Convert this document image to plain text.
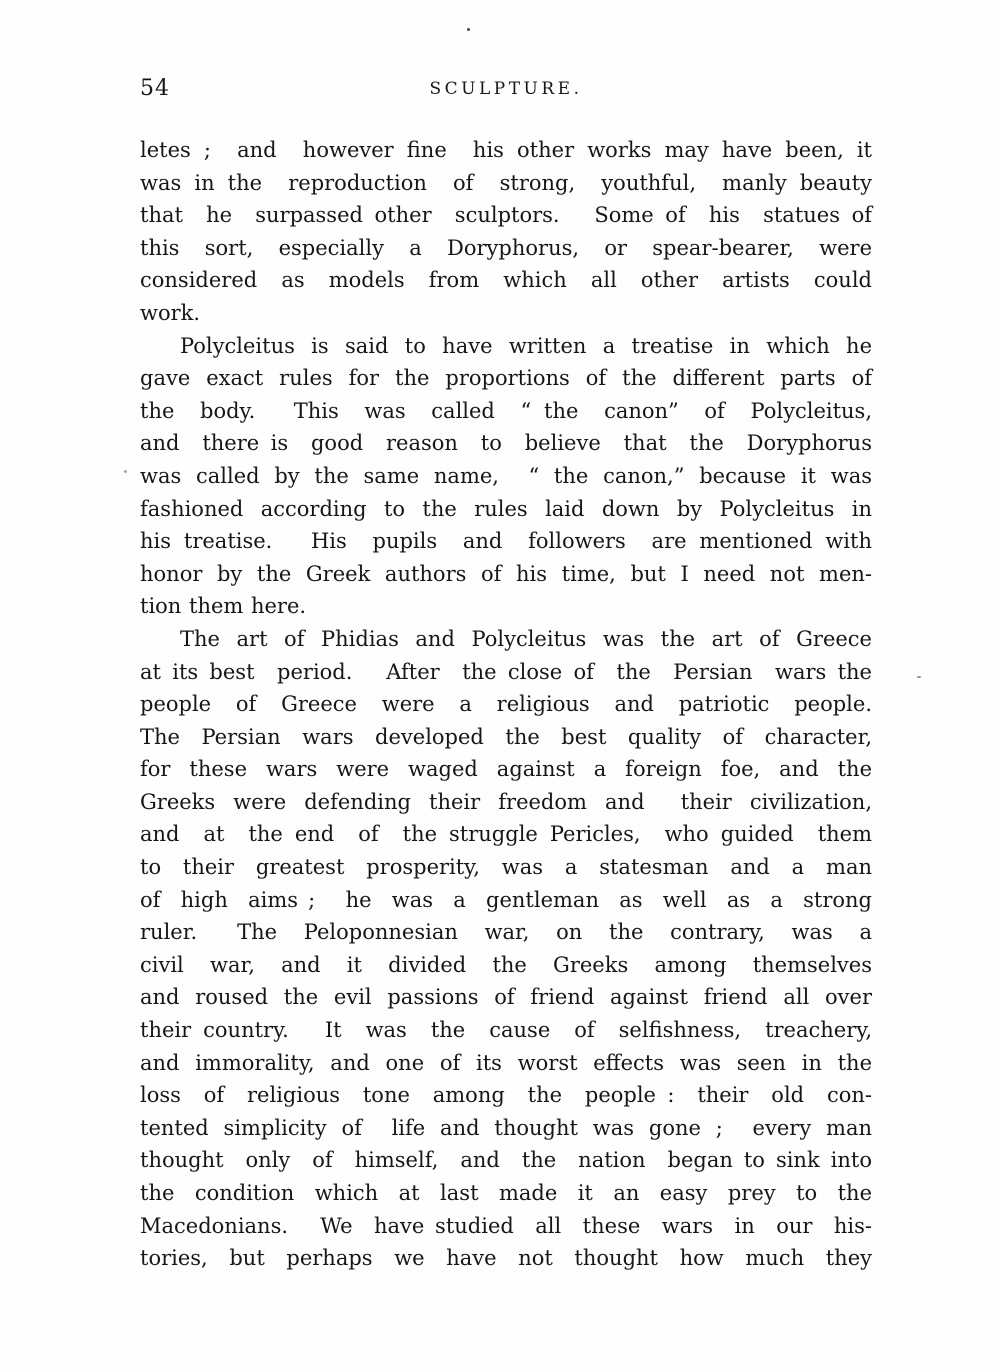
54	SCULPTURE.
letes ;  and  however fine  his other works may have been, it
was in the  reproduction  of  strong,  youthful,  manly beauty
that  he  surpassed other  sculptors.   Some of  his  statues of
this  sort,  especially  a  Doryphorus,  or  spear-bearer,  were
considered  as  models  from  which  all  other  artists  could
work.
Polycleitus is said to have written a treatise in which he
gave exact rules for the proportions of the different parts of
the  body.   This  was  called  “ the  canon”  of  Polycleitus,
and  there is  good  reason  to  believe  that  the  Doryphorus
was called by the same name,  “ the canon,” because it was
fashioned according to the rules laid down by Polycleitus in
his treatise.   His  pupils  and  followers  are mentioned with
honor by the Greek authors of his time, but I need not men-
tion them here.
The art of Phidias and Polycleitus was the art of Greece
at its best  period.   After  the close of  the  Persian  wars the
people  of  Greece  were  a  religious  and  patriotic  people.
The  Persian  wars  developed  the  best  quality  of  character,
for  these  wars  were  waged  against  a  foreign  foe,  and  the
Greeks were defending their freedom and  their civilization,
and  at  the end  of  the struggle Pericles,  who guided  them
to  their  greatest  prosperity,  was  a  statesman  and  a  man
of  high  aims ;   he  was  a  gentleman  as  well  as  a  strong
ruler.   The  Peloponnesian  war,  on  the  contrary,  was  a
civil  war,  and  it  divided  the  Greeks  among  themselves
and roused the evil passions of friend against friend all over
their country.   It  was  the  cause  of  selfishness,  treachery,
and immorality, and one of its worst effects was seen in the
loss  of  religious  tone  among  the  people :  their  old  con-
tented simplicity of  life and thought was gone ;  every man
thought  only  of  himself,  and  the  nation  began to sink into
the  condition  which  at  last  made  it  an  easy  prey  to  the
Macedonians.   We  have studied  all  these  wars  in  our  his-
tories,  but  perhaps  we  have  not  thought  how  much  they
